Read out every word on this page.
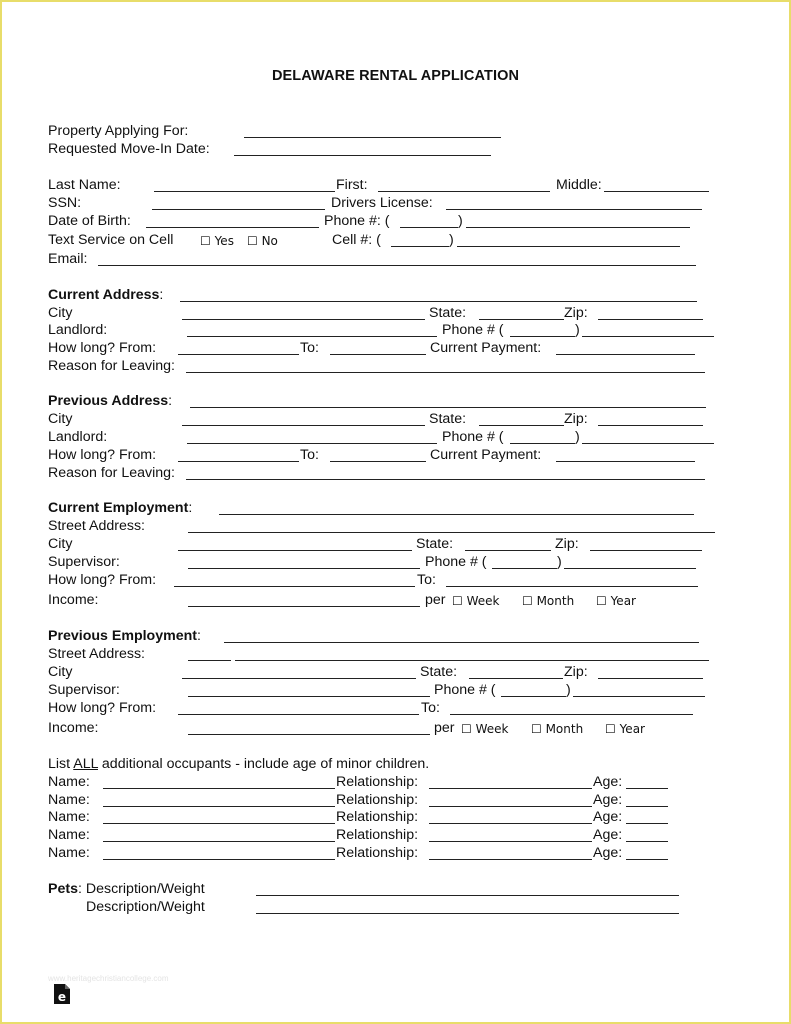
DELAWARE RENTAL APPLICATION
Property Applying For:
Requested Move-In Date:
Last Name:	First:	Middle:
SSN:	Drivers License:
Date of Birth:	Phone #: (	)
Text Service on Cell ☐ Yes ☐ No	Cell #: (	)
Email:
Current Address:
City	State:	Zip:
Landlord:	Phone # (	)
How long? From:	To:	Current Payment:
Reason for Leaving:
Previous Address:
City	State:	Zip:
Landlord:	Phone # (	)
How long? From:	To:	Current Payment:
Reason for Leaving:
Current Employment:
Street Address:
City	State:	Zip:
Supervisor:	Phone # (	)
How long? From:	To:
Income:	per ☐ Week ☐ Month ☐ Year
Previous Employment:
Street Address:
City	State:	Zip:
Supervisor:	Phone # (	)
How long? From:	To:
Income:	per ☐ Week ☐ Month ☐ Year
List ALL additional occupants - include age of minor children.
Name:	Relationship:	Age:
Name:	Relationship:	Age:
Name:	Relationship:	Age:
Name:	Relationship:	Age:
Name:	Relationship:	Age:
Pets: Description/Weight
Description/Weight
www.heritagechristiancollege.com
e
